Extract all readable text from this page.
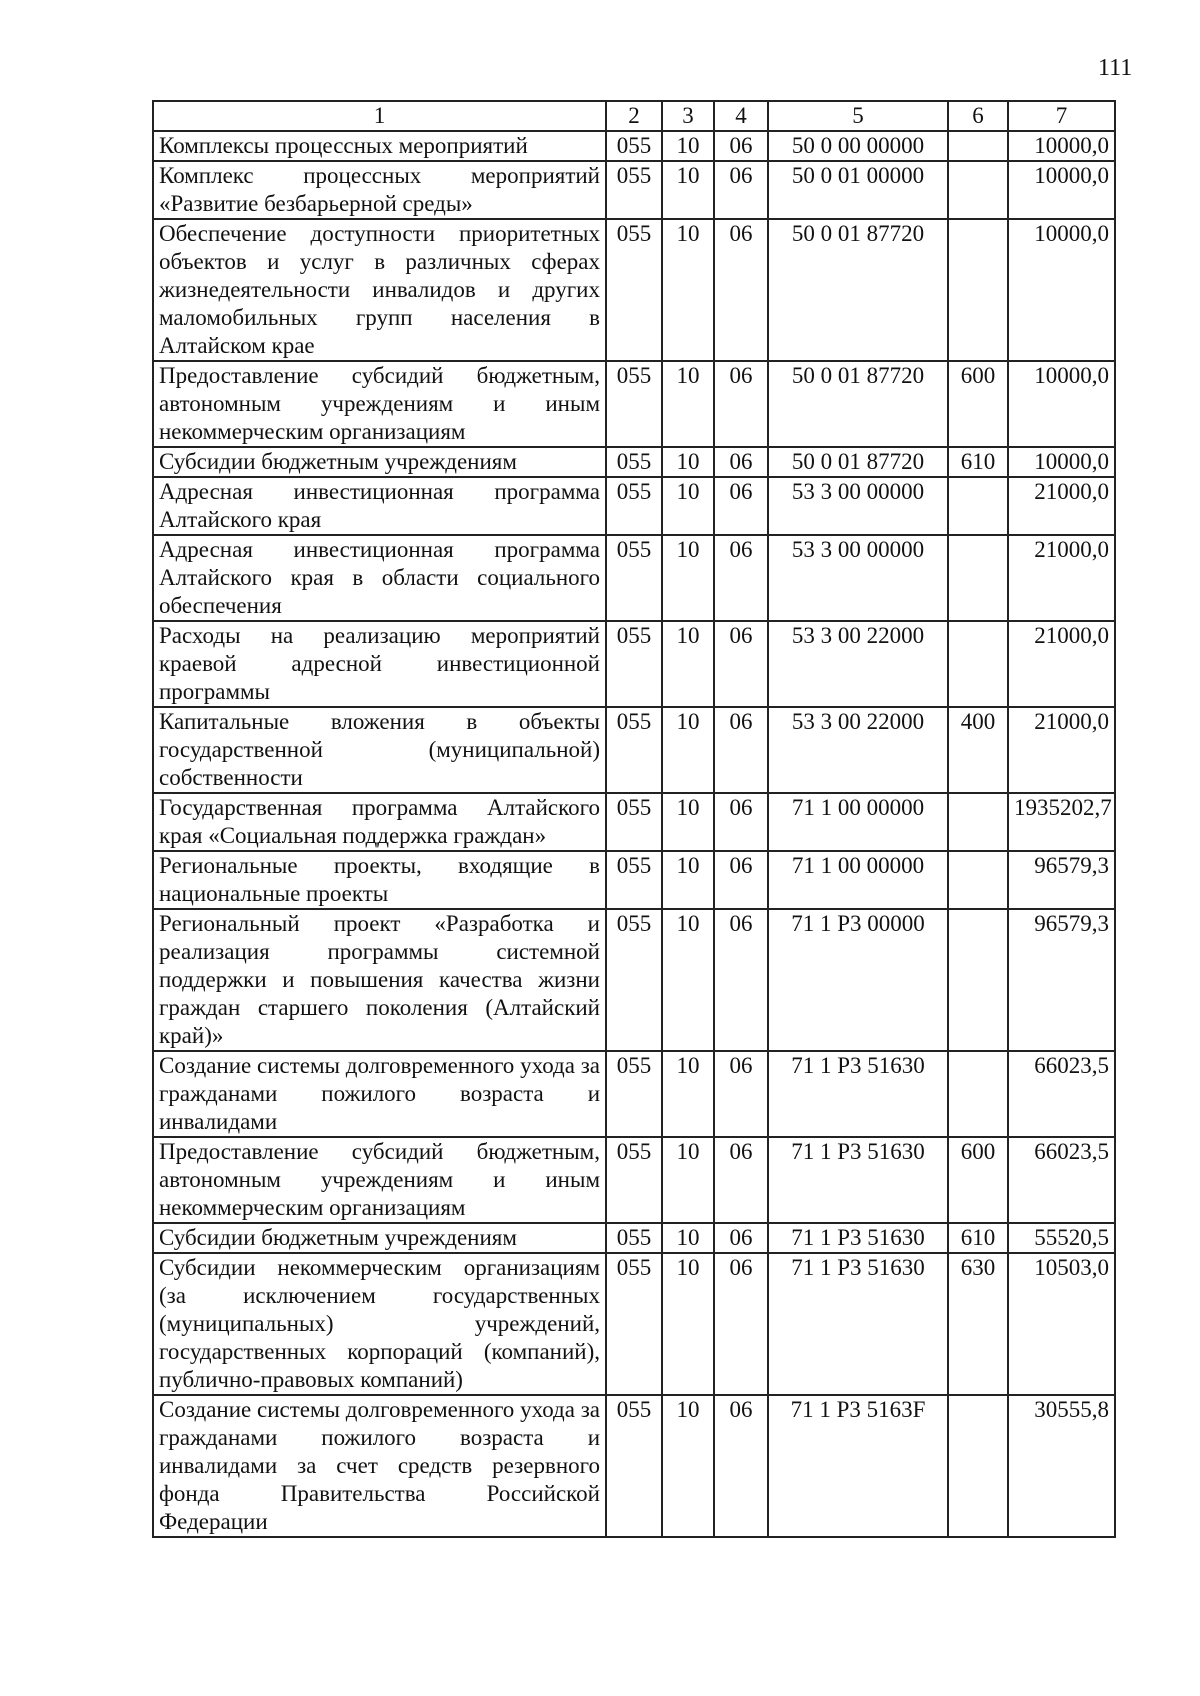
111
1	2	3	4	5	6	7
Комплексы процессных мероприятий	055	10	06	50 0 00 00000		10000,0
Комплекс процессных мероприятий «Развитие безбарьерной среды»	055	10	06	50 0 01 00000		10000,0
Обеспечение доступности приоритетных объектов и услуг в различных сферах жизнедеятельности инвалидов и других маломобильных групп населения в Алтайском крае	055	10	06	50 0 01 87720		10000,0
Предоставление субсидий бюджетным, автономным учреждениям и иным некоммерческим организациям	055	10	06	50 0 01 87720	600	10000,0
Субсидии бюджетным учреждениям	055	10	06	50 0 01 87720	610	10000,0
Адресная инвестиционная программа Алтайского края	055	10	06	53 3 00 00000		21000,0
Адресная инвестиционная программа Алтайского края в области социального обеспечения	055	10	06	53 3 00 00000		21000,0
Расходы на реализацию мероприятий краевой адресной инвестиционной программы	055	10	06	53 3 00 22000		21000,0
Капитальные вложения в объекты государственной (муниципальной) собственности	055	10	06	53 3 00 22000	400	21000,0
Государственная программа Алтайского края «Социальная поддержка граждан»	055	10	06	71 1 00 00000		1935202,7
Региональные проекты, входящие в национальные проекты	055	10	06	71 1 00 00000		96579,3
Региональный проект «Разработка и реализация программы системной поддержки и повышения качества жизни граждан старшего поколения (Алтайский край)»	055	10	06	71 1 Р3 00000		96579,3
Создание системы долговременного ухода за гражданами пожилого возраста и инвалидами	055	10	06	71 1 Р3 51630		66023,5
Предоставление субсидий бюджетным, автономным учреждениям и иным некоммерческим организациям	055	10	06	71 1 Р3 51630	600	66023,5
Субсидии бюджетным учреждениям	055	10	06	71 1 Р3 51630	610	55520,5
Субсидии некоммерческим организациям (за исключением государственных (муниципальных) учреждений, государственных корпораций (компаний), публично-правовых компаний)	055	10	06	71 1 Р3 51630	630	10503,0
Создание системы долговременного ухода за гражданами пожилого возраста и инвалидами за счет средств резервного фонда Правительства Российской Федерации	055	10	06	71 1 Р3 5163F		30555,8
